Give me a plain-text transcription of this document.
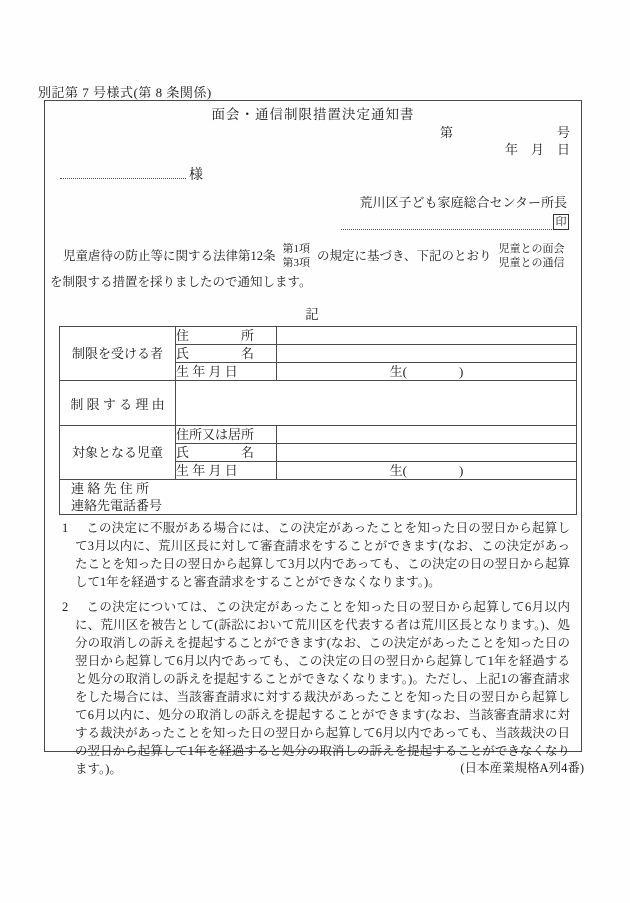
別記第 7 号様式(第 8 条関係)
面会・通信制限措置決定通知書
第　　　　　　　　号
年　月　日
様
荒川区子ども家庭総合センター所長
印
児童虐待の防止等に関する法律第12条 第1項
第3項 の規定に基づき、下記のとおり 児童との面会
児童との通信
を制限する措置を採りましたので通知します。
記
制限を受ける者	住　　　　所	
	氏　　　　名	
	生 年 月 日	生(　　　　)
制 限 す る 理 由		
対象となる児童	住所又は居所	
	氏　　　　名	
	生 年 月 日	生(　　　　)

連 絡 先 住 所
連絡先電話番号		

1 この決定に不服がある場合には、この決定があったことを知った日の翌日から起算して3月以内に、荒川区長に対して審査請求をすることができます(なお、この決定があったことを知った日の翌日から起算して3月以内であっても、この決定の日の翌日から起算して1年を経過すると審査請求をすることができなくなります。)。

2 この決定については、この決定があったことを知った日の翌日から起算して6月以内に、荒川区を被告として(訴訟において荒川区を代表する者は荒川区長となります。)、処分の取消しの訴えを提起することができます(なお、この決定があったことを知った日の翌日から起算して6月以内であっても、この決定の日の翌日から起算して1年を経過すると処分の取消しの訴えを提起することができなくなります。)。ただし、上記1の審査請求をした場合には、当該審査請求に対する裁決があったことを知った日の翌日から起算して6月以内に、処分の取消しの訴えを提起することができます(なお、当該審査請求に対する裁決があったことを知った日の翌日から起算して6月以内であっても、当該裁決の日の翌日から起算して1年を経過すると処分の取消しの訴えを提起することができなくなります。)。	(日本産業規格A列4番)
